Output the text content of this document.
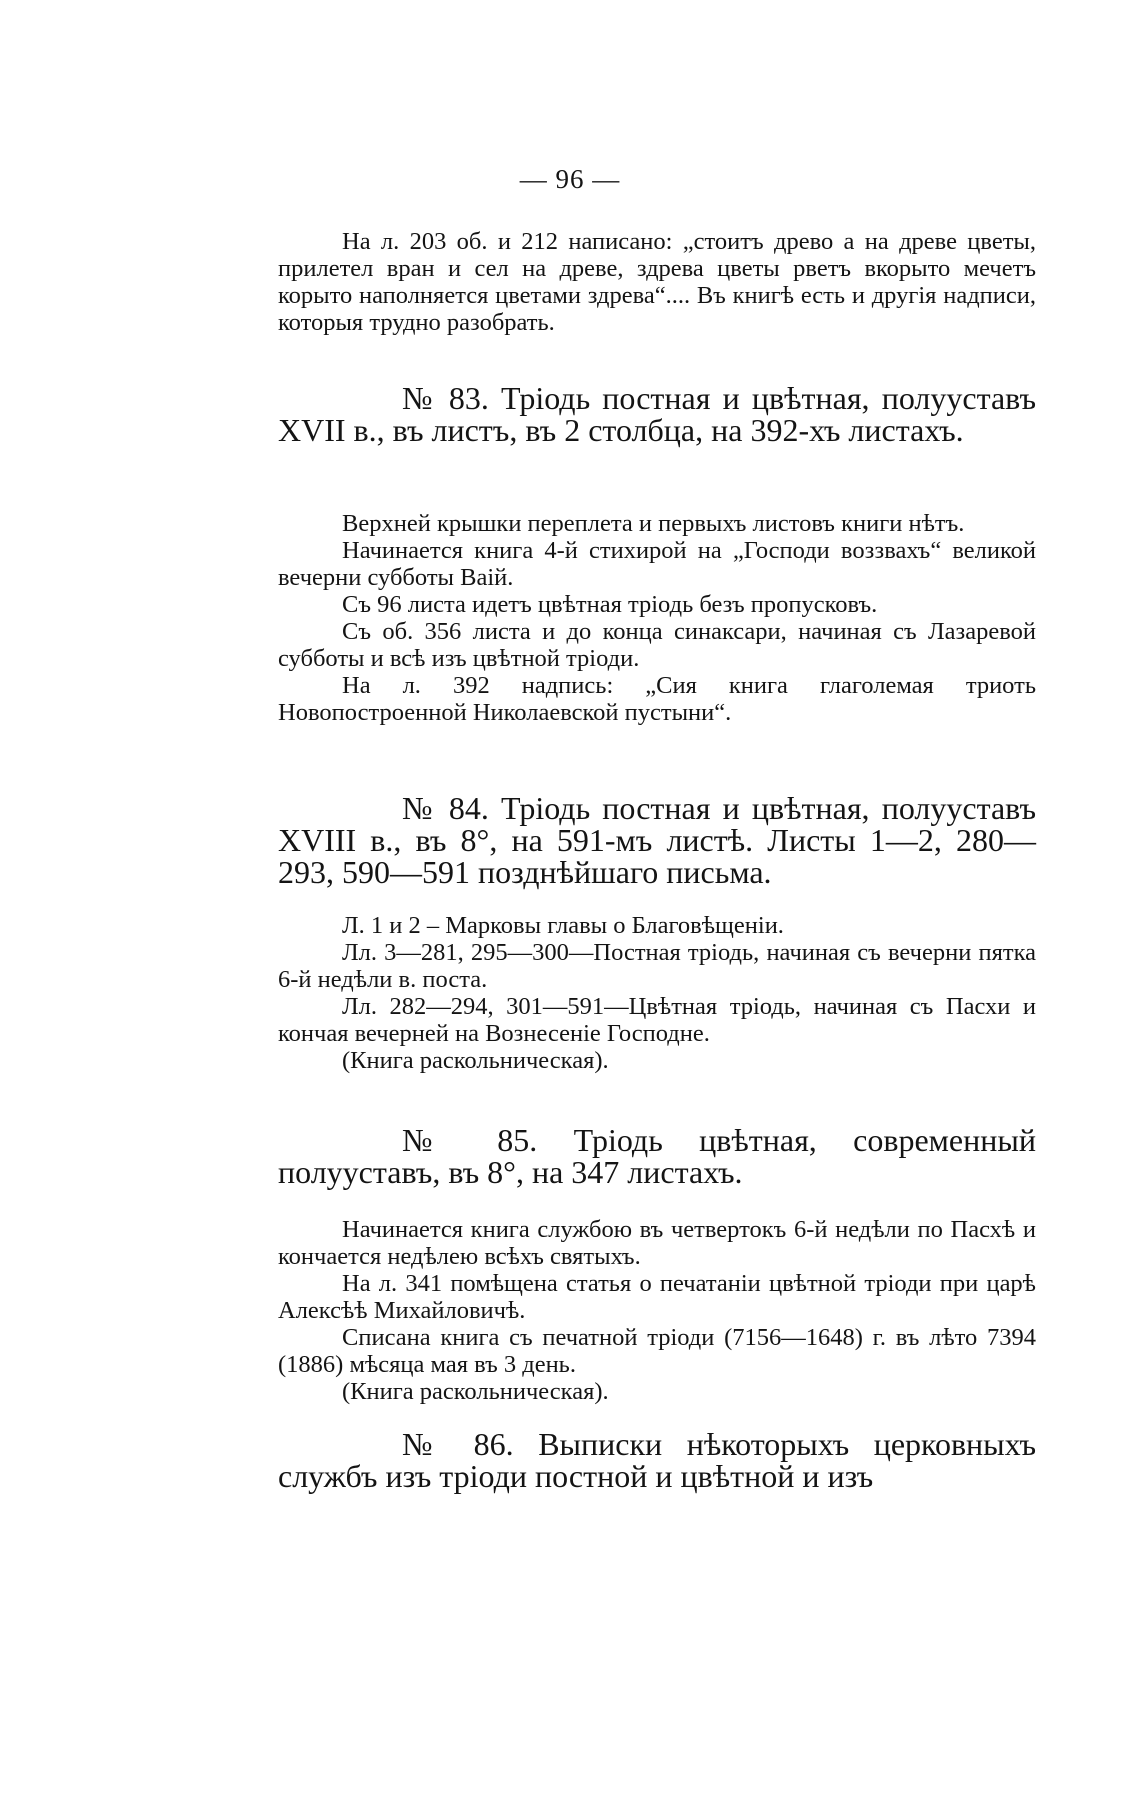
— 96 —

На л. 203 об. и 212 написано: „стоитъ древо а на древе цветы, прилетел вран и сел на древе, здрева цветы рветъ вкорыто мечетъ корыто наполняется цветами здрева“.... Въ книгѣ есть и другія надписи, которыя трудно разобрать.

№ 83. Тріодь постная и цвѣтная, полууставъ XVII в., въ листъ, въ 2 столбца, на 392-хъ листахъ.

Верхней крышки переплета и первыхъ листовъ книги нѣтъ.

Начинается книга 4-й стихирой на „Господи воззвахъ“ великой вечерни субботы Ваій.

Съ 96 листа идетъ цвѣтная тріодь безъ пропусковъ.

Съ об. 356 листа и до конца синаксари, начиная съ Лазаревой субботы и всѣ изъ цвѣтной тріоди.

На л. 392 надпись: „Сия книга глаголемая триоть Новопостроенной Николаевской пустыни“.

№ 84. Тріодь постная и цвѣтная, полууставъ XVIII в., въ 8°, на 591-мъ листѣ. Листы 1—2, 280—293, 590—591 позднѣйшаго письма.

Л. 1 и 2 – Марковы главы о Благовѣщеніи.

Лл. 3—281, 295—300—Постная тріодь, начиная съ вечерни пятка 6-й недѣли в. поста.

Лл. 282—294, 301—591—Цвѣтная тріодь, начиная съ Пасхи и кончая вечерней на Вознесеніе Господне.

(Книга раскольническая).

№ 85. Тріодь цвѣтная, современный полууставъ, въ 8°, на 347 листахъ.

Начинается книга службою въ четвертокъ 6-й недѣли по Пасхѣ и кончается недѣлею всѣхъ святыхъ.

На л. 341 помѣщена статья о печатаніи цвѣтной тріоди при царѣ Алексѣѣ Михайловичѣ.

Списана книга съ печатной тріоди (7156—1648) г. въ лѣто 7394 (1886) мѣсяца мая въ 3 день.

(Книга раскольническая).

№ 86. Выписки нѣкоторыхъ церковныхъ службъ изъ тріоди постной и цвѣтной и изъ
